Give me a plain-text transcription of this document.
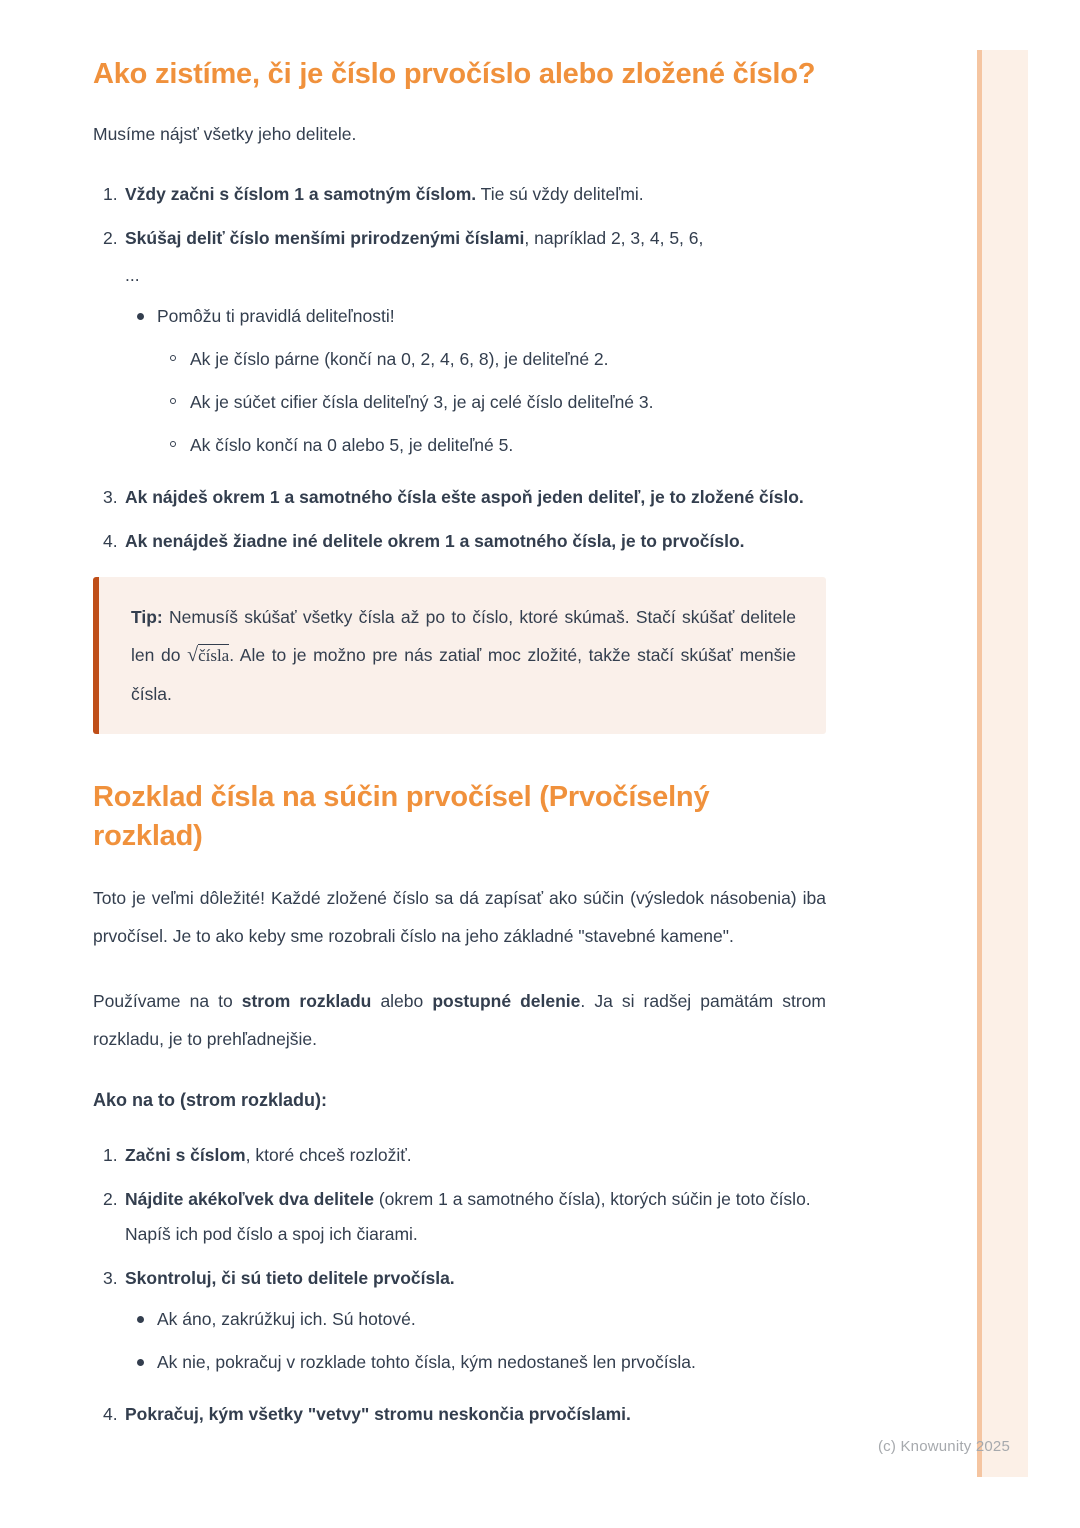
(c) Knowunity 2025
Ako zistíme, či je číslo prvočíslo alebo zložené číslo?

Musíme nájsť všetky jeho delitele.

1. Vždy začni s číslom 1 a samotným číslom. Tie sú vždy deliteľmi.
2. Skúšaj deliť číslo menšími prirodzenými číslami, napríklad 2, 3, 4, 5, 6,
...
Pomôžu ti pravidlá deliteľnosti!
Ak je číslo párne (končí na 0, 2, 4, 6, 8), je deliteľné 2.
Ak je súčet cifier čísla deliteľný 3, je aj celé číslo deliteľné 3.
Ak číslo končí na 0 alebo 5, je deliteľné 5.
3. Ak nájdeš okrem 1 a samotného čísla ešte aspoň jeden deliteľ, je to zložené číslo.
4. Ak nenájdeš žiadne iné delitele okrem 1 a samotného čísla, je to prvočíslo.
Tip: Nemusíš skúšať všetky čísla až po to číslo, ktoré skúmaš. Stačí skúšať delitele len do √čísla. Ale to je možno pre nás zatiaľ moc zložité, takže stačí skúšať menšie čísla.
Rozklad čísla na súčin prvočísel (Prvočíselný rozklad)

Toto je veľmi dôležité! Každé zložené číslo sa dá zapísať ako súčin (výsledok násobenia) iba prvočísel. Je to ako keby sme rozobrali číslo na jeho základné "stavebné kamene".

Používame na to strom rozkladu alebo postupné delenie. Ja si radšej pamätám strom rozkladu, je to prehľadnejšie.

Ako na to (strom rozkladu):

1. Začni s číslom, ktoré chceš rozložiť.
2. Nájdite akékoľvek dva delitele (okrem 1 a samotného čísla), ktorých súčin je toto číslo. Napíš ich pod číslo a spoj ich čiarami.
3. Skontroluj, či sú tieto delitele prvočísla.
Ak áno, zakrúžkuj ich. Sú hotové.
Ak nie, pokračuj v rozklade tohto čísla, kým nedostaneš len prvočísla.
4. Pokračuj, kým všetky "vetvy" stromu neskončia prvočíslami.
